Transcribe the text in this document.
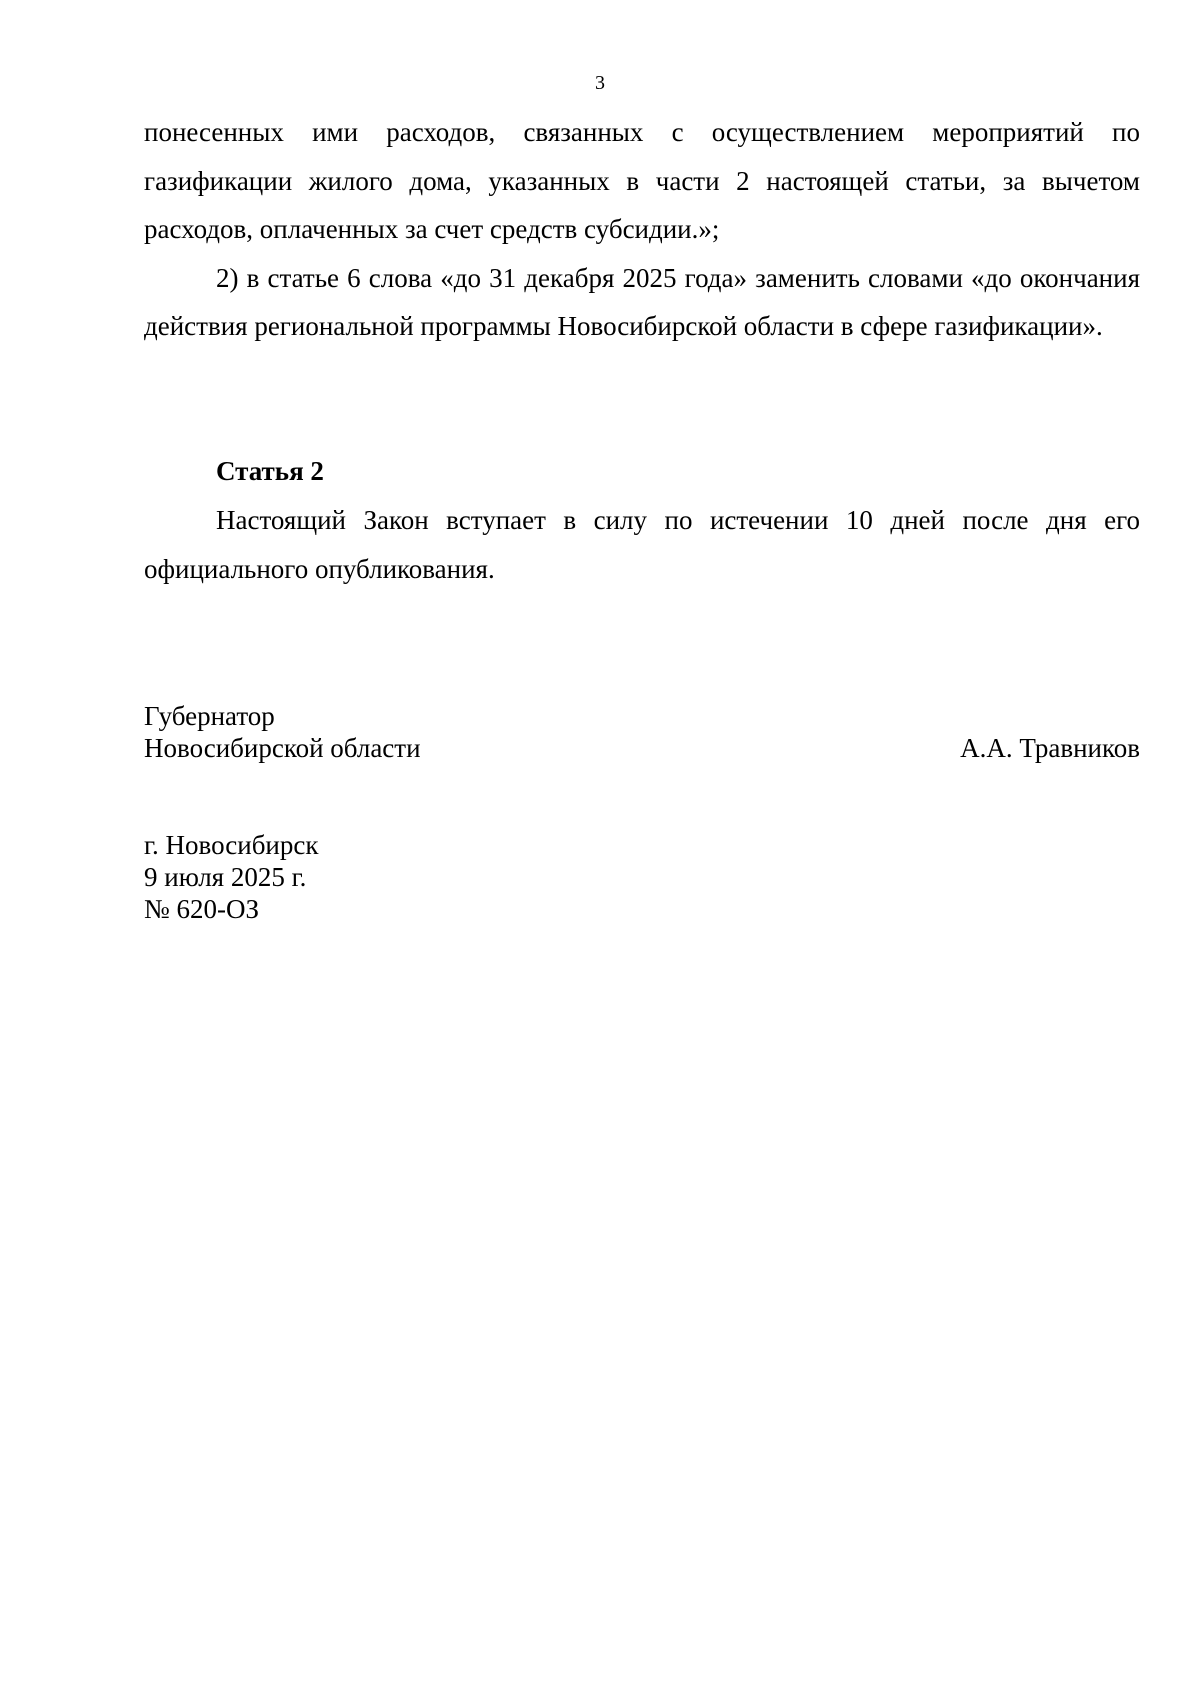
3

понесенных ими расходов, связанных с осуществлением мероприятий по газификации жилого дома, указанных в части 2 настоящей статьи, за вычетом расходов, оплаченных за счет средств субсидии.»;

2) в статье 6 слова «до 31 декабря 2025 года» заменить словами «до окончания действия региональной программы Новосибирской области в сфере газификации».

Статья 2

Настоящий Закон вступает в силу по истечении 10 дней после дня его официального опубликования.

Губернатор
Новосибирской области	А.А. Травников
г. Новосибирск
9 июля 2025 г.
№ 620-ОЗ
